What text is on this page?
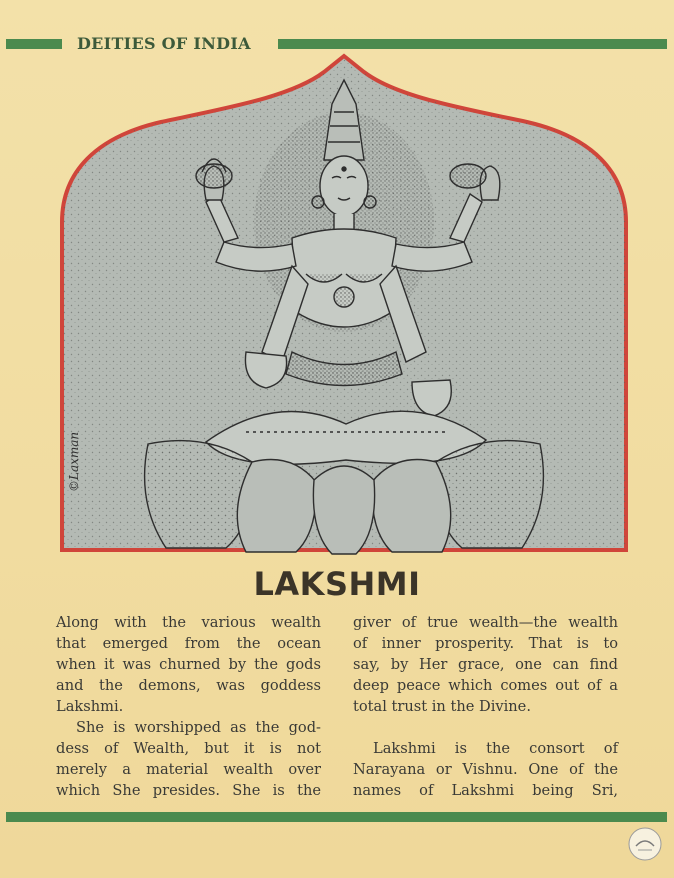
DEITIES OF INDIA
©Laxman
LAKSHMI
Along with the various wealth
that emerged from the ocean
when it was churned by the gods
and the demons, was goddess
Lakshmi.
She is worshipped as the god-
dess of Wealth, but it is not
merely a material wealth over
which She presides. She is the
giver of true wealth—the wealth
of inner prosperity. That is to
say, by Her grace, one can find
deep peace which comes out of a
total trust in the Divine.
Lakshmi is the consort of
Narayana or Vishnu. One of the
names of Lakshmi being Sri,
